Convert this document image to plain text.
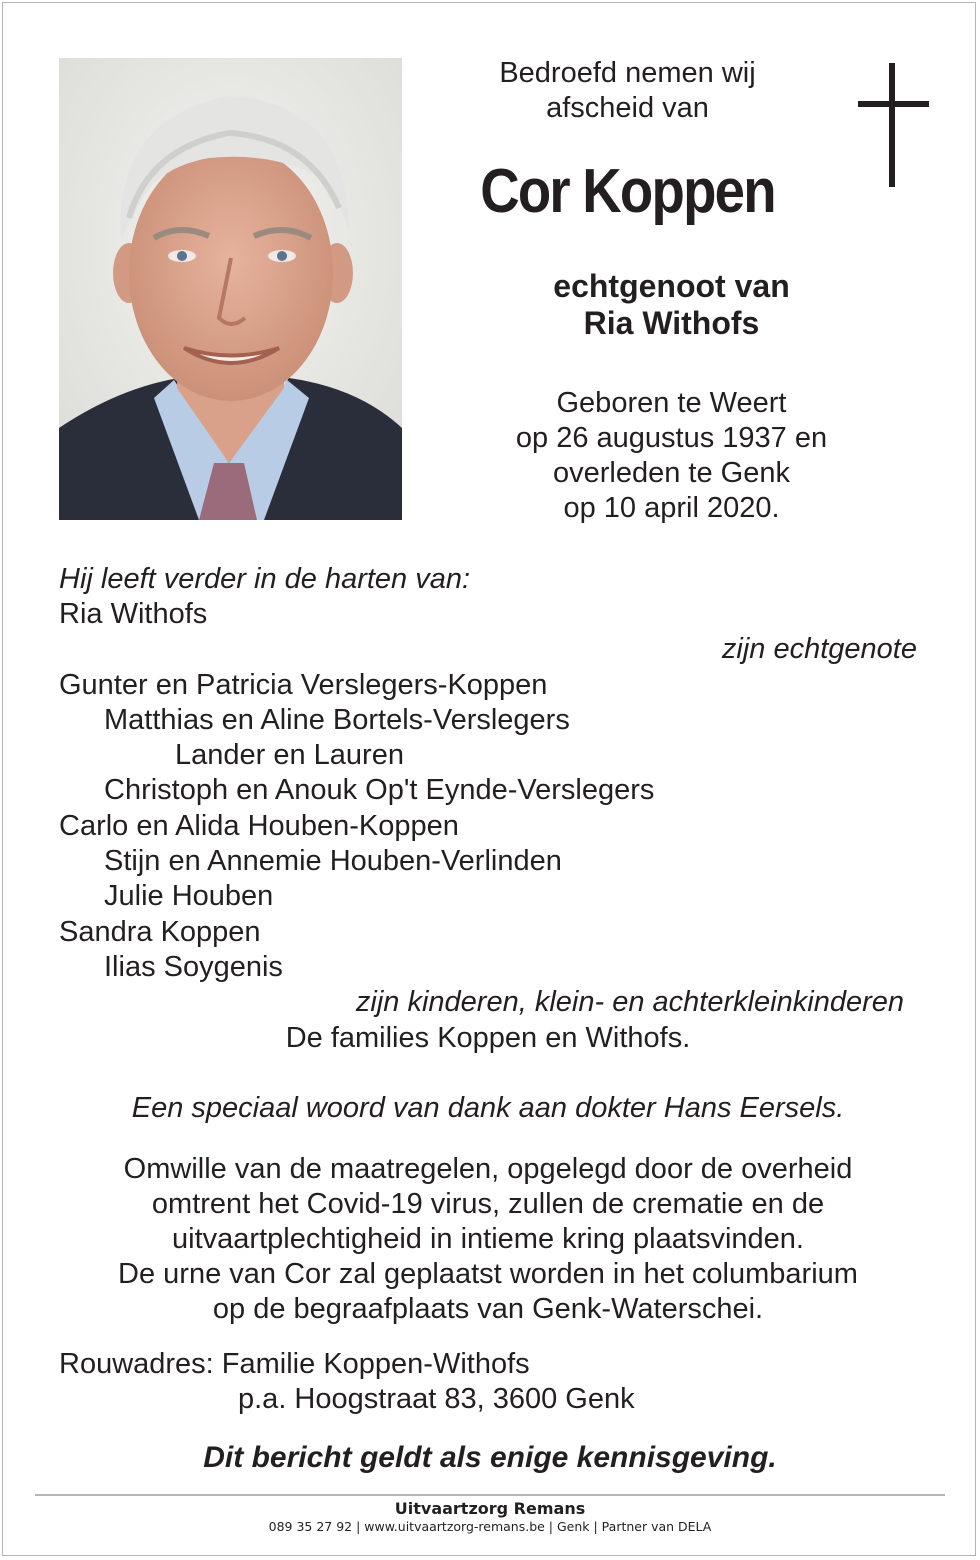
Bedroefd nemen wij
afscheid van
Cor Koppen
echtgenoot van
Ria Withofs
Geboren te Weert
op 26 augustus 1937 en
overleden te Genk
op 10 april 2020.
Hij leeft verder in de harten van:
Ria Withofs
zijn echtgenote
Gunter en Patricia Verslegers-Koppen
Matthias en Aline Bortels-Verslegers
Lander en Lauren
Christoph en Anouk Op't Eynde-Verslegers
Carlo en Alida Houben-Koppen
Stijn en Annemie Houben-Verlinden
Julie Houben
Sandra Koppen
Ilias Soygenis
zijn kinderen, klein- en achterkleinkinderen
De families Koppen en Withofs.
Een speciaal woord van dank aan dokter Hans Eersels.
Omwille van de maatregelen, opgelegd door de overheid
omtrent het Covid-19 virus, zullen de crematie en de
uitvaartplechtigheid in intieme kring plaatsvinden.
De urne van Cor zal geplaatst worden in het columbarium
op de begraafplaats van Genk-Waterschei.
Rouwadres: Familie Koppen-Withofs
p.a. Hoogstraat 83, 3600 Genk
Dit bericht geldt als enige kennisgeving.
Uitvaartzorg Remans
089 35 27 92 | www.uitvaartzorg-remans.be | Genk | Partner van DELA
